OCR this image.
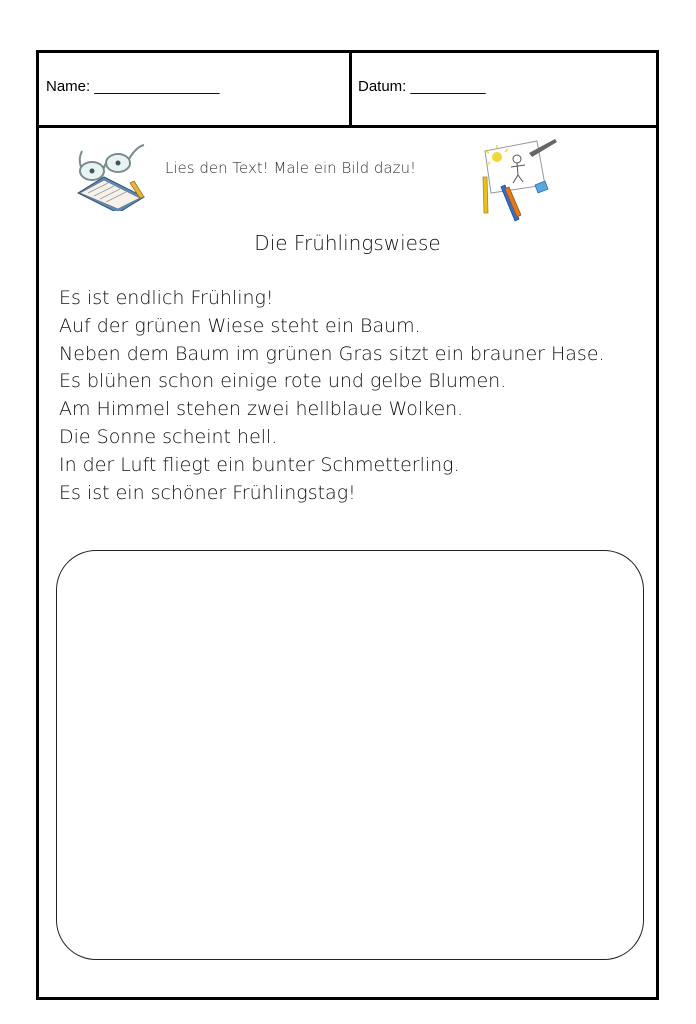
Name: _______________	Datum: _________
Lies den Text! Male ein Bild dazu!
Die Frühlingswiese
Es ist endlich Frühling!
Auf der grünen Wiese steht ein Baum.
Neben dem Baum im grünen Gras sitzt ein brauner Hase.
Es blühen schon einige rote und gelbe Blumen.
Am Himmel stehen zwei hellblaue Wolken.
Die Sonne scheint hell.
In der Luft fliegt ein bunter Schmetterling.
Es ist ein schöner Frühlingstag!
